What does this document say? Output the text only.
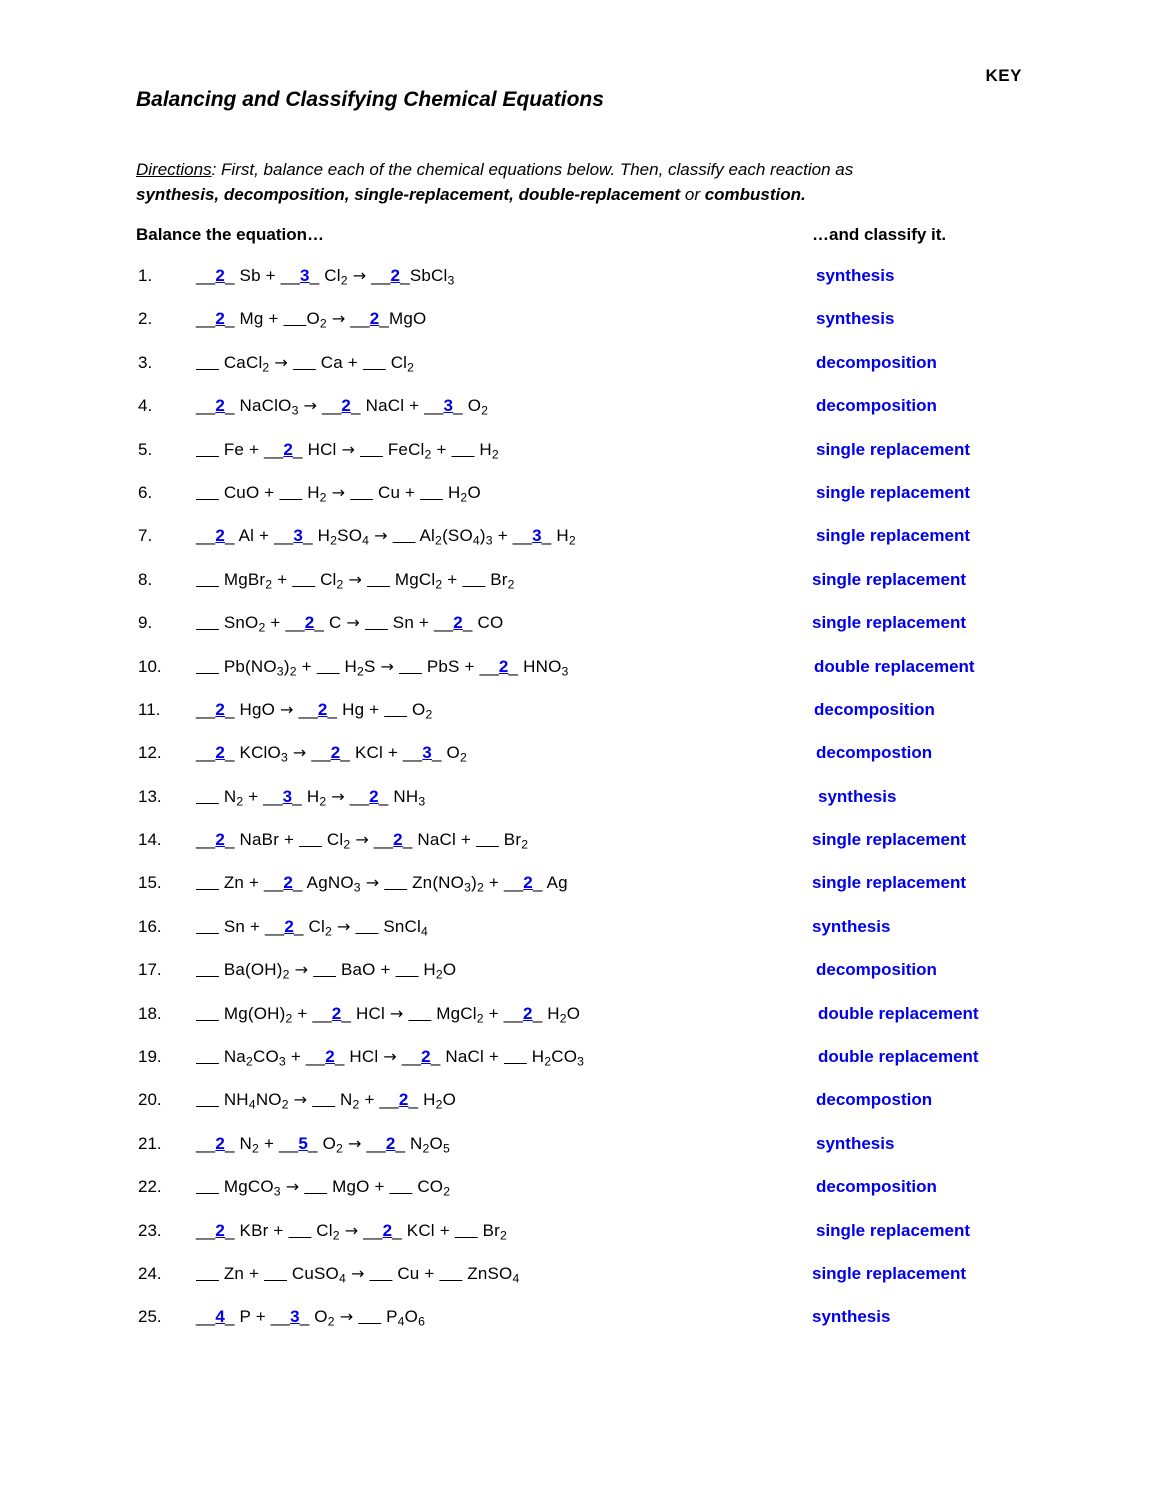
KEY
Balancing and Classifying Chemical Equations
Directions: First, balance each of the chemical equations below. Then, classify each reaction as
synthesis, decomposition, single-replacement, double-replacement or combustion.
Balance the equation…	…and classify it.
1.	__2_ Sb + __3_ $Cl_2$ → __2_SbCl$_3$	synthesis
2.	__2_ Mg +     $O_2$ → __2_MgO	synthesis
3.	CaCl$_2$ →      Ca +      $Cl_2$	decomposition
4.	__2_ NaClO$_3$ → __2_ NaCl + __3_ $O_2$	decomposition
5.	Fe + __2_ HCl →      FeCl$_2$ +      $H_2$	single replacement
6.	CuO +      $H_2$ →      Cu +      $H_2O$	single replacement
7.	__2_ Al + __3_ $H_2SO_4$ →      $Al_2(SO_4)_3$ + __3_ $H_2$	single replacement
8.	MgBr$_2$ +      $Cl_2$ →      MgCl$_2$ +      $Br_2$	single replacement
9.	SnO$_2$ + __2_ C →      Sn + __2_ CO	single replacement
10.	$Pb(NO_3)_2$ +      $H_2S$ →      PbS + __2_ $HNO_3$	double replacement
11.	__2_ HgO → __2_ Hg +      $O_2$	decomposition
12.	__2_ KClO$_3$ → __2_ KCl + __3_ $O_2$	decompostion
13.	$N_2$ + __3_ $H_2$ → __2_ $NH_3$	synthesis
14.	__2_ NaBr +      $Cl_2$ → __2_ NaCl +      $Br_2$	single replacement
15.	Zn + __2_ AgNO$_3$ →      $Zn(NO_3)_2$ + __2_ Ag	single replacement
16.	Sn + __2_ $Cl_2$ →      SnCl$_4$	synthesis
17.	$Ba(OH)_2$ →      BaO +      $H_2O$	decomposition
18.	$Mg(OH)_2$ + __2_ HCl →      MgCl$_2$ + __2_ $H_2O$	double replacement
19.	$Na_2CO_3$ + __2_ HCl → __2_ NaCl +      $H_2CO_3$	double replacement
20.	$NH_4NO_2$ →      $N_2$ + __2_ $H_2O$	decompostion
21.	__2_ $N_2$ + __5_ $O_2$ → __2_ $N_2O_5$	synthesis
22.	MgCO$_3$ →      MgO +      $CO_2$	decomposition
23.	__2_ KBr +      $Cl_2$ → __2_ KCl +      $Br_2$	single replacement
24.	Zn +      CuSO$_4$ →      Cu +      ZnSO$_4$	single replacement
25.	__4_ P + __3_ $O_2$ →      $P_4O_6$	synthesis
